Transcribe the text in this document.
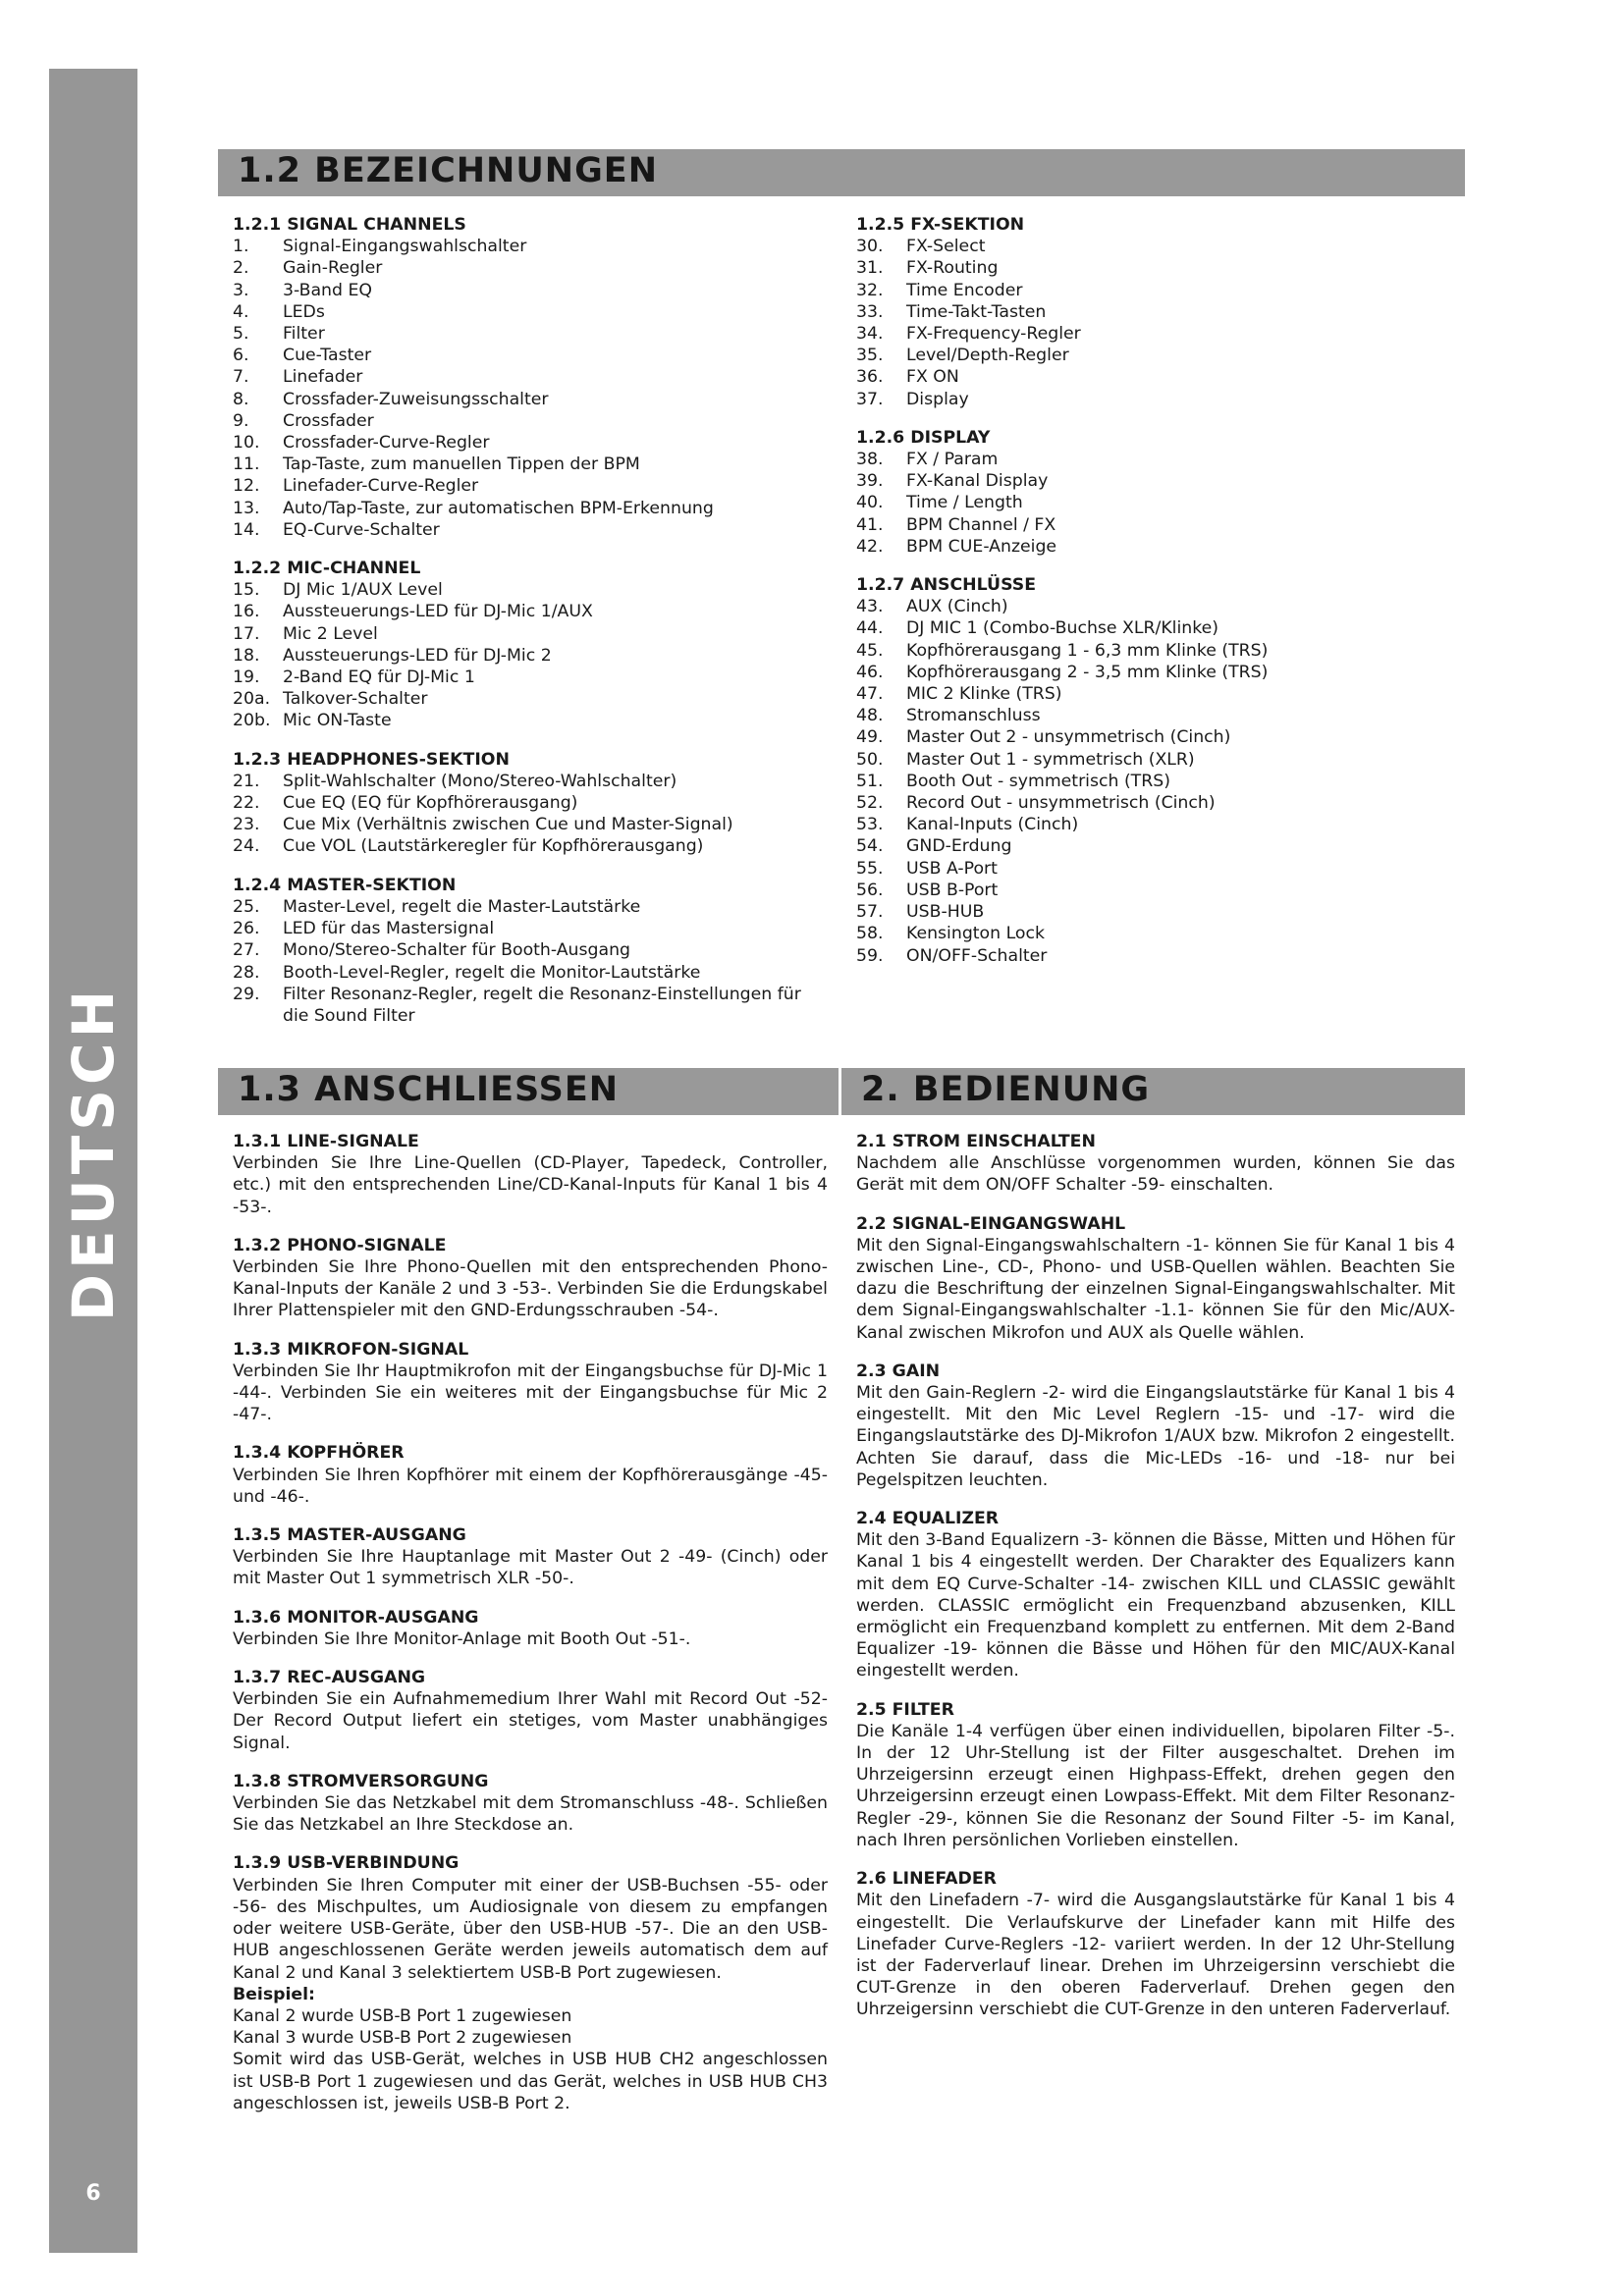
DEUTSCH
6
1.2 BEZEICHNUNGEN
1.3 ANSCHLIESSEN	2. BEDIENUNG
1.2.1 SIGNAL CHANNELS
1.	Signal-Eingangswahlschalter
2.	Gain-Regler
3.	3-Band EQ
4.	LEDs
5.	Filter
6.	Cue-Taster
7.	Linefader
8.	Crossfader-Zuweisungsschalter
9.	Crossfader
10.	Crossfader-Curve-Regler
11.	Tap-Taste, zum manuellen Tippen der BPM
12.	Linefader-Curve-Regler
13.	Auto/Tap-Taste, zur automatischen BPM-Erkennung
14.	EQ-Curve-Schalter
1.2.2 MIC-CHANNEL
15.	DJ Mic 1/AUX Level
16.	Aussteuerungs-LED für DJ-Mic 1/AUX
17.	Mic 2 Level
18.	Aussteuerungs-LED für DJ-Mic 2
19.	2-Band EQ für DJ-Mic 1
20a. Talkover-Schalter
20b. Mic ON-Taste
1.2.3 HEADPHONES-SEKTION
21.	Split-Wahlschalter (Mono/Stereo-Wahlschalter)
22.	Cue EQ (EQ für Kopfhörerausgang)
23.	Cue Mix (Verhältnis zwischen Cue und Master-Signal)
24.	Cue VOL (Lautstärkeregler für Kopfhörerausgang)
1.2.4 MASTER-SEKTION
25.	Master-Level, regelt die Master-Lautstärke
26.	LED für das Mastersignal
27.	Mono/Stereo-Schalter für Booth-Ausgang
28.	Booth-Level-Regler, regelt die Monitor-Lautstärke
29.	Filter Resonanz-Regler, regelt die Resonanz-Einstellungen für die Sound Filter
1.2.5 FX-SEKTION
30.	FX-Select
31.	FX-Routing
32.	Time Encoder
33.	Time-Takt-Tasten
34.	FX-Frequency-Regler
35.	Level/Depth-Regler
36.	FX ON
37.	Display
1.2.6 DISPLAY
38.	FX / Param
39.	FX-Kanal Display
40.	Time / Length
41.	BPM Channel / FX
42.	BPM CUE-Anzeige
1.2.7 ANSCHLÜSSE
43.	AUX (Cinch)
44.	DJ MIC 1 (Combo-Buchse XLR/Klinke)
45.	Kopfhörerausgang 1 - 6,3 mm Klinke (TRS)
46.	Kopfhörerausgang 2 - 3,5 mm Klinke (TRS)
47.	MIC 2 Klinke (TRS)
48.	Stromanschluss
49.	Master Out 2 - unsymmetrisch (Cinch)
50.	Master Out 1 - symmetrisch (XLR)
51.	Booth Out - symmetrisch (TRS)
52.	Record Out - unsymmetrisch (Cinch)
53.	Kanal-Inputs (Cinch)
54.	GND-Erdung
55.	USB A-Port
56.	USB B-Port
57.	USB-HUB
58.	Kensington Lock
59.	ON/OFF-Schalter
1.3.1 LINE-SIGNALE
Verbinden Sie Ihre Line-Quellen (CD-Player, Tapedeck, Controller, etc.) mit den entsprechenden Line/CD-Kanal-Inputs für Kanal 1 bis 4 -53-.
1.3.2 PHONO-SIGNALE
Verbinden Sie Ihre Phono-Quellen mit den entsprechenden Phono-Kanal-Inputs der Kanäle 2 und 3 -53-. Verbinden Sie die Erdungskabel Ihrer Plattenspieler mit den GND-Erdungsschrauben -54-.
1.3.3 MIKROFON-SIGNAL
Verbinden Sie Ihr Hauptmikrofon mit der Eingangsbuchse für DJ-Mic 1 -44-. Verbinden Sie ein weiteres mit der Eingangsbuchse für Mic 2 -47-.
1.3.4 KOPFHÖRER
Verbinden Sie Ihren Kopfhörer mit einem der Kopfhörerausgänge -45- und -46-.
1.3.5 MASTER-AUSGANG
Verbinden Sie Ihre Hauptanlage mit Master Out 2 -49- (Cinch) oder mit Master Out 1 symmetrisch XLR -50-.
1.3.6 MONITOR-AUSGANG
Verbinden Sie Ihre Monitor-Anlage mit Booth Out -51-.
1.3.7 REC-AUSGANG
Verbinden Sie ein Aufnahmemedium Ihrer Wahl mit Record Out -52-Der Record Output liefert ein stetiges, vom Master unabhängiges Signal.
1.3.8 STROMVERSORGUNG
Verbinden Sie das Netzkabel mit dem Stromanschluss -48-. Schließen Sie das Netzkabel an Ihre Steckdose an.
1.3.9 USB-VERBINDUNG
Verbinden Sie Ihren Computer mit einer der USB-Buchsen -55- oder -56- des Mischpultes, um Audiosignale von diesem zu empfangen oder weitere USB-Geräte, über den USB-HUB -57-. Die an den USB-HUB angeschlossenen Geräte werden jeweils automatisch dem auf Kanal 2 und Kanal 3 selektiertem USB-B Port zugewiesen.
Beispiel:
Kanal 2 wurde USB-B Port 1 zugewiesen
Kanal 3 wurde USB-B Port 2 zugewiesen
Somit wird das USB-Gerät, welches in USB HUB CH2 angeschlossen ist USB-B Port 1 zugewiesen und das Gerät, welches in USB HUB CH3 angeschlossen ist, jeweils USB-B Port 2.
2.1 STROM EINSCHALTEN
Nachdem alle Anschlüsse vorgenommen wurden, können Sie das Gerät mit dem ON/OFF Schalter -59- einschalten.
2.2 SIGNAL-EINGANGSWAHL
Mit den Signal-Eingangswahlschaltern -1- können Sie für Kanal 1 bis 4 zwischen Line-, CD-, Phono- und USB-Quellen wählen. Beachten Sie dazu die Beschriftung der einzelnen Signal-Eingangswahlschalter. Mit dem Signal-Eingangswahlschalter -1.1- können Sie für den Mic/AUX-Kanal zwischen Mikrofon und AUX als Quelle wählen.
2.3 GAIN
Mit den Gain-Reglern -2- wird die Eingangslautstärke für Kanal 1 bis 4 eingestellt. Mit den Mic Level Reglern -15- und -17- wird die Eingangslautstärke des DJ-Mikrofon 1/AUX bzw. Mikrofon 2 eingestellt. Achten Sie darauf, dass die Mic-LEDs -16- und -18- nur bei Pegelspitzen leuchten.
2.4 EQUALIZER
Mit den 3-Band Equalizern -3- können die Bässe, Mitten und Höhen für Kanal 1 bis 4 eingestellt werden. Der Charakter des Equalizers kann mit dem EQ Curve-Schalter -14- zwischen KILL und CLASSIC gewählt werden. CLASSIC ermöglicht ein Frequenzband abzusenken, KILL ermöglicht ein Frequenzband komplett zu entfernen. Mit dem 2-Band Equalizer -19- können die Bässe und Höhen für den MIC/AUX-Kanal eingestellt werden.
2.5 FILTER
Die Kanäle 1-4 verfügen über einen individuellen, bipolaren Filter -5-. In der 12 Uhr-Stellung ist der Filter ausgeschaltet. Drehen im Uhrzeigersinn erzeugt einen Highpass-Effekt, drehen gegen den Uhrzeigersinn erzeugt einen Lowpass-Effekt. Mit dem Filter Resonanz-Regler -29-, können Sie die Resonanz der Sound Filter -5- im Kanal, nach Ihren persönlichen Vorlieben einstellen.
2.6 LINEFADER
Mit den Linefadern -7- wird die Ausgangslautstärke für Kanal 1 bis 4 eingestellt. Die Verlaufskurve der Linefader kann mit Hilfe des Linefader Curve-Reglers -12- variiert werden. In der 12 Uhr-Stellung ist der Faderverlauf linear. Drehen im Uhrzeigersinn verschiebt die CUT-Grenze in den oberen Faderverlauf. Drehen gegen den Uhrzeigersinn verschiebt die CUT-Grenze in den unteren Faderverlauf.
